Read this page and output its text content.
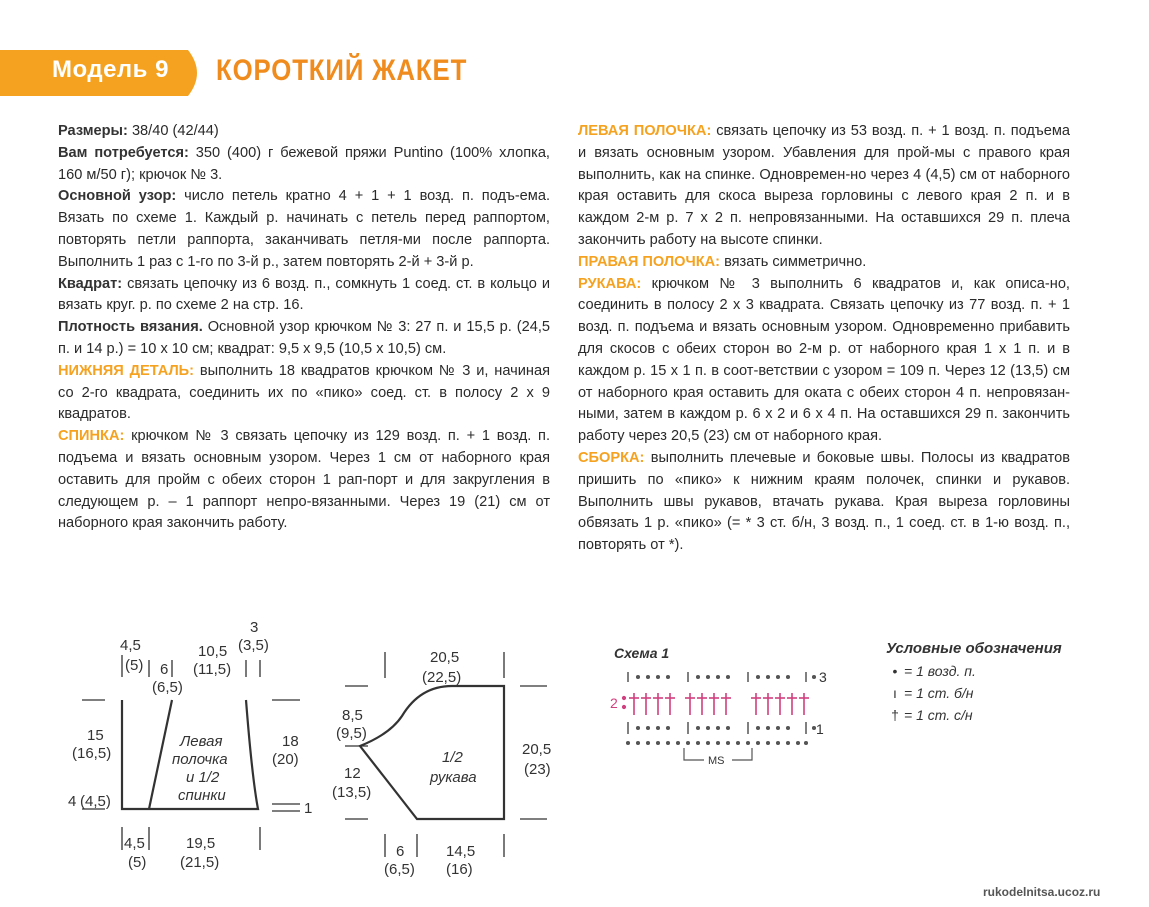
Модель 9 КОРОТКИЙ ЖАКЕТ

Размеры: 38/40 (42/44)

Вам потребуется: 350 (400) г бежевой пряжи Puntino (100% хлопка, 160 м/50 г); крючок № 3.

Основной узор: число петель кратно 4 + 1 + 1 возд. п. подъ-ема. Вязать по схеме 1. Каждый р. начинать с петель перед раппортом, повторять петли раппорта, заканчивать петля-ми после раппорта. Выполнить 1 раз с 1-го по 3-й р., затем повторять 2-й + 3-й р.

Квадрат: связать цепочку из 6 возд. п., сомкнуть 1 соед. ст. в кольцо и вязать круг. р. по схеме 2 на стр. 16.

Плотность вязания. Основной узор крючком № 3: 27 п. и 15,5 р. (24,5 п. и 14 р.) = 10 х 10 см; квадрат: 9,5 х 9,5 (10,5 х 10,5) см.

НИЖНЯЯ ДЕТАЛЬ: выполнить 18 квадратов крючком № 3 и, начиная со 2-го квадрата, соединить их по «пико» соед. ст. в полосу 2 х 9 квадратов.

СПИНКА: крючком № 3 связать цепочку из 129 возд. п. + 1 возд. п. подъема и вязать основным узором. Через 1 см от наборного края оставить для пройм с обеих сторон 1 рап-порт и для закругления в следующем р. – 1 раппорт непро-вязанными. Через 19 (21) см от наборного края закончить работу.

ЛЕВАЯ ПОЛОЧКА: связать цепочку из 53 возд. п. + 1 возд. п. подъема и вязать основным узором. Убавления для прой-мы с правого края выполнить, как на спинке. Одновремен-но через 4 (4,5) см от наборного края оставить для скоса выреза горловины с левого края 2 п. и в каждом 2-м р. 7 х 2 п. непровязанными. На оставшихся 29 п. плеча закончить работу на высоте спинки.

ПРАВАЯ ПОЛОЧКА: вязать симметрично.

РУКАВА: крючком № 3 выполнить 6 квадратов и, как описа-но, соединить в полосу 2 х 3 квадрата. Связать цепочку из 77 возд. п. + 1 возд. п. подъема и вязать основным узором. Одновременно прибавить для скосов с обеих сторон во 2-м р. от наборного края 1 х 1 п. и в каждом р. 15 х 1 п. в соот-ветствии с узором = 109 п. Через 12 (13,5) см от наборного края оставить для оката с обеих сторон 4 п. непровязан-ными, затем в каждом р. 6 х 2 и 6 х 4 п. На оставшихся 29 п. закончить работу через 20,5 (23) см от наборного края.

СБОРКА: выполнить плечевые и боковые швы. Полосы из квадратов пришить по «пико» к нижним краям полочек, спинки и рукавов. Выполнить швы рукавов, втачать рукава. Края выреза горловины обвязать 1 р. «пико» (= * 3 ст. б/н, 3 возд. п., 1 соед. ст. в 1-ю возд. п., повторять от *).

4,5
(5) 6
(6,5)
10,5
(11,5)
3
(3,5)
15
(16,5)
4 (4,5)
18
(20)
1
4,5
(5)
19,5
(21,5)
Левая
полочка
и 1/2
спинки
20,5
(22,5)
8,5
(9,5)
12
(13,5)
20,5
(23)
6
(6,5)
14,5
(16)
1/2
рукава
Схема 1
3
2
1
MS
Условные обозначения
• = 1 возд. п.
ı = 1 ст. б/н
† = 1 ст. с/н
rukodelnitsa.ucoz.ru
